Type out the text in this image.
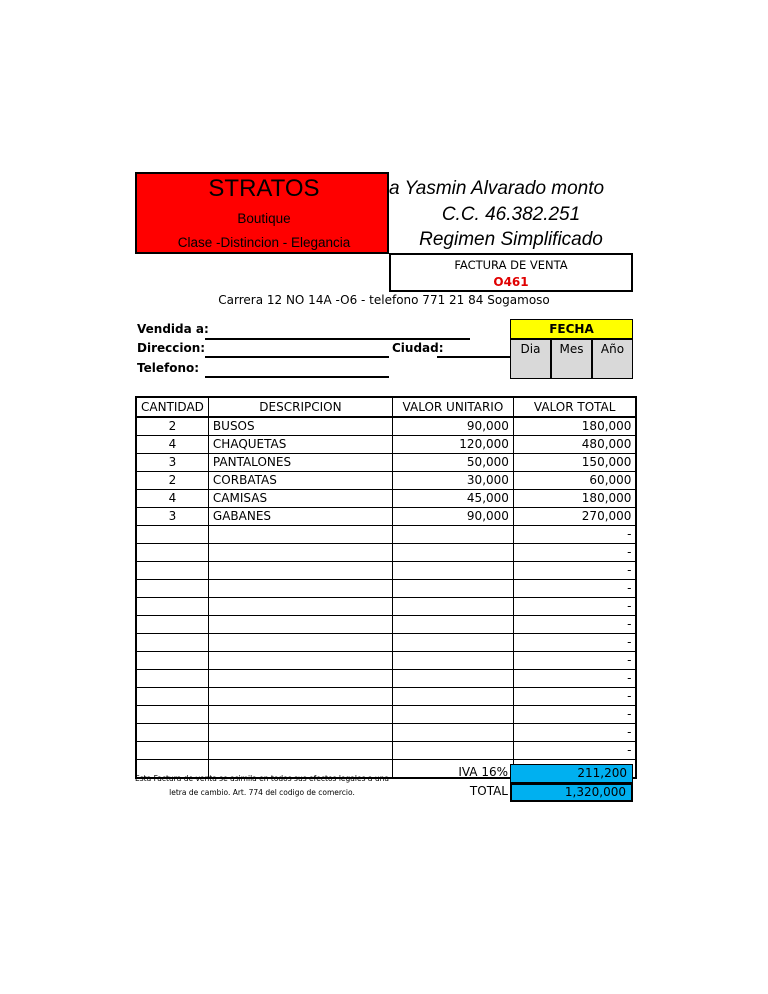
STRATOS
Boutique
Clase -Distincion - Elegancia
a Yasmin Alvarado monto
C.C. 46.382.251
Regimen Simplificado
FACTURA DE VENTA
O461
Carrera 12 NO 14A -O6 - telefono 771 21 84 Sogamoso
Vendida a:
Direccion:	Ciudad:
Telefono:
FECHA
Dia	Mes	Año
CANTIDAD	DESCRIPCION	VALOR UNITARIO	VALOR TOTAL
2	BUSOS	90,000	180,000
4	CHAQUETAS	120,000	480,000
3	PANTALONES	50,000	150,000
2	CORBATAS	30,000	60,000
4	CAMISAS	45,000	180,000
3	GABANES	90,000	270,000
			-
			-
			-
			-
			-
			-
			-
			-
			-
			-
			-
			-
			-

IVA 16%	211,200
TOTAL	1,320,000
Esta Factura de venta se asimila en todos sus efectos legales a una
letra de cambio. Art. 774 del codigo de comercio.
